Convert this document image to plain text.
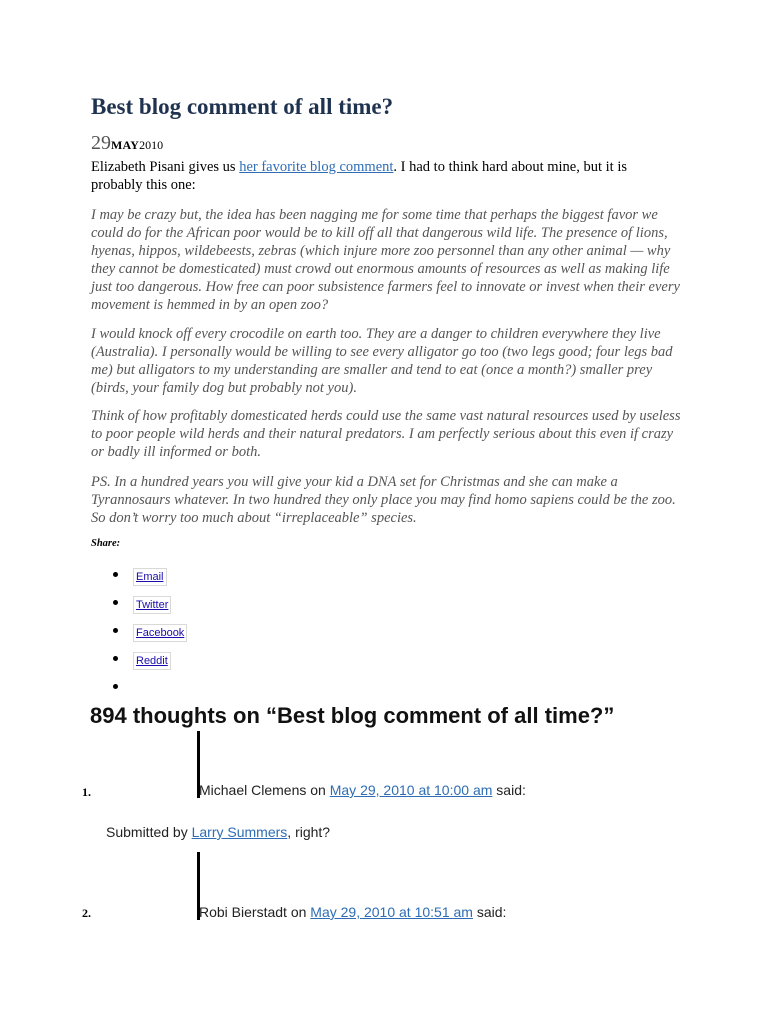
Best blog comment of all time?
29MAY2010

Elizabeth Pisani gives us her favorite blog comment. I had to think hard about mine, but it is probably this one:

I may be crazy but, the idea has been nagging me for some time that perhaps the biggest favor we could do for the African poor would be to kill off all that dangerous wild life. The presence of lions, hyenas, hippos, wildebeests, zebras (which injure more zoo personnel than any other animal — why they cannot be domesticated) must crowd out enormous amounts of resources as well as making life just too dangerous. How free can poor subsistence farmers feel to innovate or invest when their every movement is hemmed in by an open zoo?

I would knock off every crocodile on earth too. They are a danger to children everywhere they live (Australia). I personally would be willing to see every alligator go too (two legs good; four legs bad me) but alligators to my understanding are smaller and tend to eat (once a month?) smaller prey (birds, your family dog but probably not you).

Think of how profitably domesticated herds could use the same vast natural resources used by useless to poor people wild herds and their natural predators. I am perfectly serious about this even if crazy or badly ill informed or both.

PS. In a hundred years you will give your kid a DNA set for Christmas and she can make a Tyrannosaurs whatever. In two hundred they only place you may find homo sapiens could be the zoo. So don’t worry too much about “irreplaceable” species.

Share:
Email
Twitter
Facebook
Reddit
894 thoughts on “Best blog comment of all time?”
1.	Michael Clemens on May 29, 2010 at 10:00 am said:
Submitted by Larry Summers, right?
2.	Robi Bierstadt on May 29, 2010 at 10:51 am said:
